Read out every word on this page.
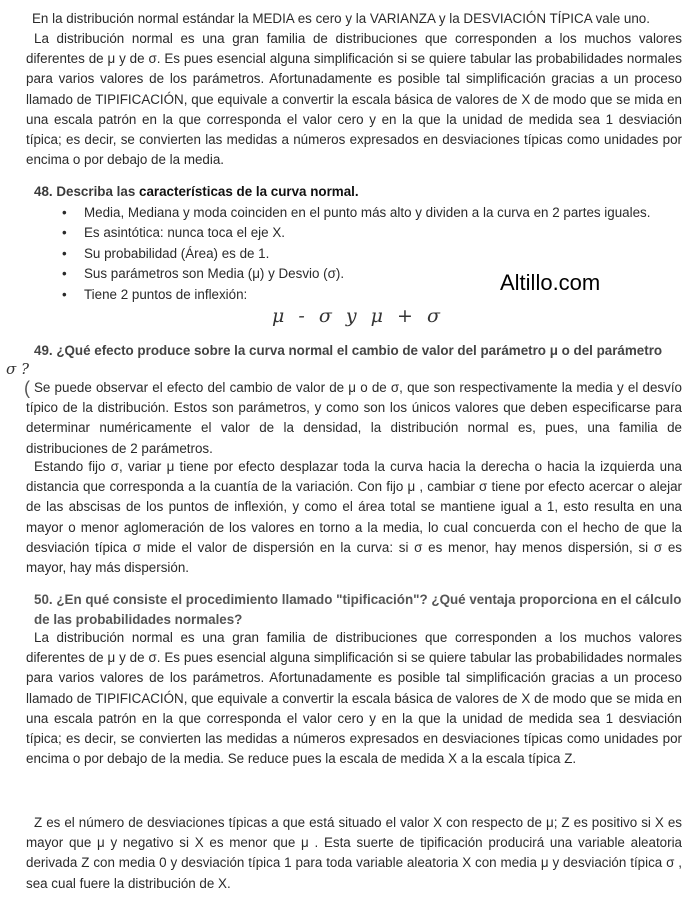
En la distribución normal estándar la MEDIA es cero y la VARIANZA y la DESVIACIÓN TÍPICA vale uno.
La distribución normal es una gran familia de distribuciones que corresponden a los muchos valores diferentes de μ y de σ. Es pues esencial alguna simplificación si se quiere tabular las probabilidades normales para varios valores de los parámetros. Afortunadamente es posible tal simplificación gracias a un proceso llamado de TIPIFICACIÓN, que equivale a convertir la escala básica de valores de X de modo que se mida en una escala patrón en la que corresponda el valor cero y en la que la unidad de medida sea 1 desviación típica; es decir, se convierten las medidas a números expresados en desviaciones típicas como unidades por encima o por debajo de la media.
48. Describa las características de la curva normal.
• Media, Mediana y moda coinciden en el punto más alto y dividen a la curva en 2 partes iguales.
• Es asintótica: nunca toca el eje X.
• Su probabilidad (Área) es de 1.
• Sus parámetros son Media (μ) y Desvio (σ).
• Tiene 2 puntos de inflexión:
μ - σ y μ + σ
Altillo.com
49. ¿Qué efecto produce sobre la curva normal el cambio de valor del parámetro μ o del parámetro
σ ?
( Se puede observar el efecto del cambio de valor de μ o de σ, que son respectivamente la media y el desvío típico de la distribución. Estos son parámetros, y como son los únicos valores que deben especificarse para determinar numéricamente el valor de la densidad, la distribución normal es, pues, una familia de distribuciones de 2 parámetros.
Estando fijo σ, variar μ tiene por efecto desplazar toda la curva hacia la derecha o hacia la izquierda una distancia que corresponda a la cuantía de la variación. Con fijo μ , cambiar σ tiene por efecto acercar o alejar de las abscisas de los puntos de inflexión, y como el área total se mantiene igual a 1, esto resulta en una mayor o menor aglomeración de los valores en torno a la media, lo cual concuerda con el hecho de que la desviación típica σ mide el valor de dispersión en la curva: si σ es menor, hay menos dispersión, si σ es mayor, hay más dispersión.
50. ¿En qué consiste el procedimiento llamado "tipificación"? ¿Qué ventaja proporciona en el cálculo de las probabilidades normales?
La distribución normal es una gran familia de distribuciones que corresponden a los muchos valores diferentes de μ y de σ. Es pues esencial alguna simplificación si se quiere tabular las probabilidades normales para varios valores de los parámetros. Afortunadamente es posible tal simplificación gracias a un proceso llamado de TIPIFICACIÓN, que equivale a convertir la escala básica de valores de X de modo que se mida en una escala patrón en la que corresponda el valor cero y en la que la unidad de medida sea 1 desviación típica; es decir, se convierten las medidas a números expresados en desviaciones típicas como unidades por encima o por debajo de la media. Se reduce pues la escala de medida X a la escala típica Z.
Z es el número de desviaciones típicas a que está situado el valor X con respecto de μ; Z es positivo si X es mayor que μ y negativo si X es menor que μ . Esta suerte de tipificación producirá una variable aleatoria derivada Z con media 0 y desviación típica 1 para toda variable aleatoria X con media μ y desviación típica σ , sea cual fuere la distribución de X.
